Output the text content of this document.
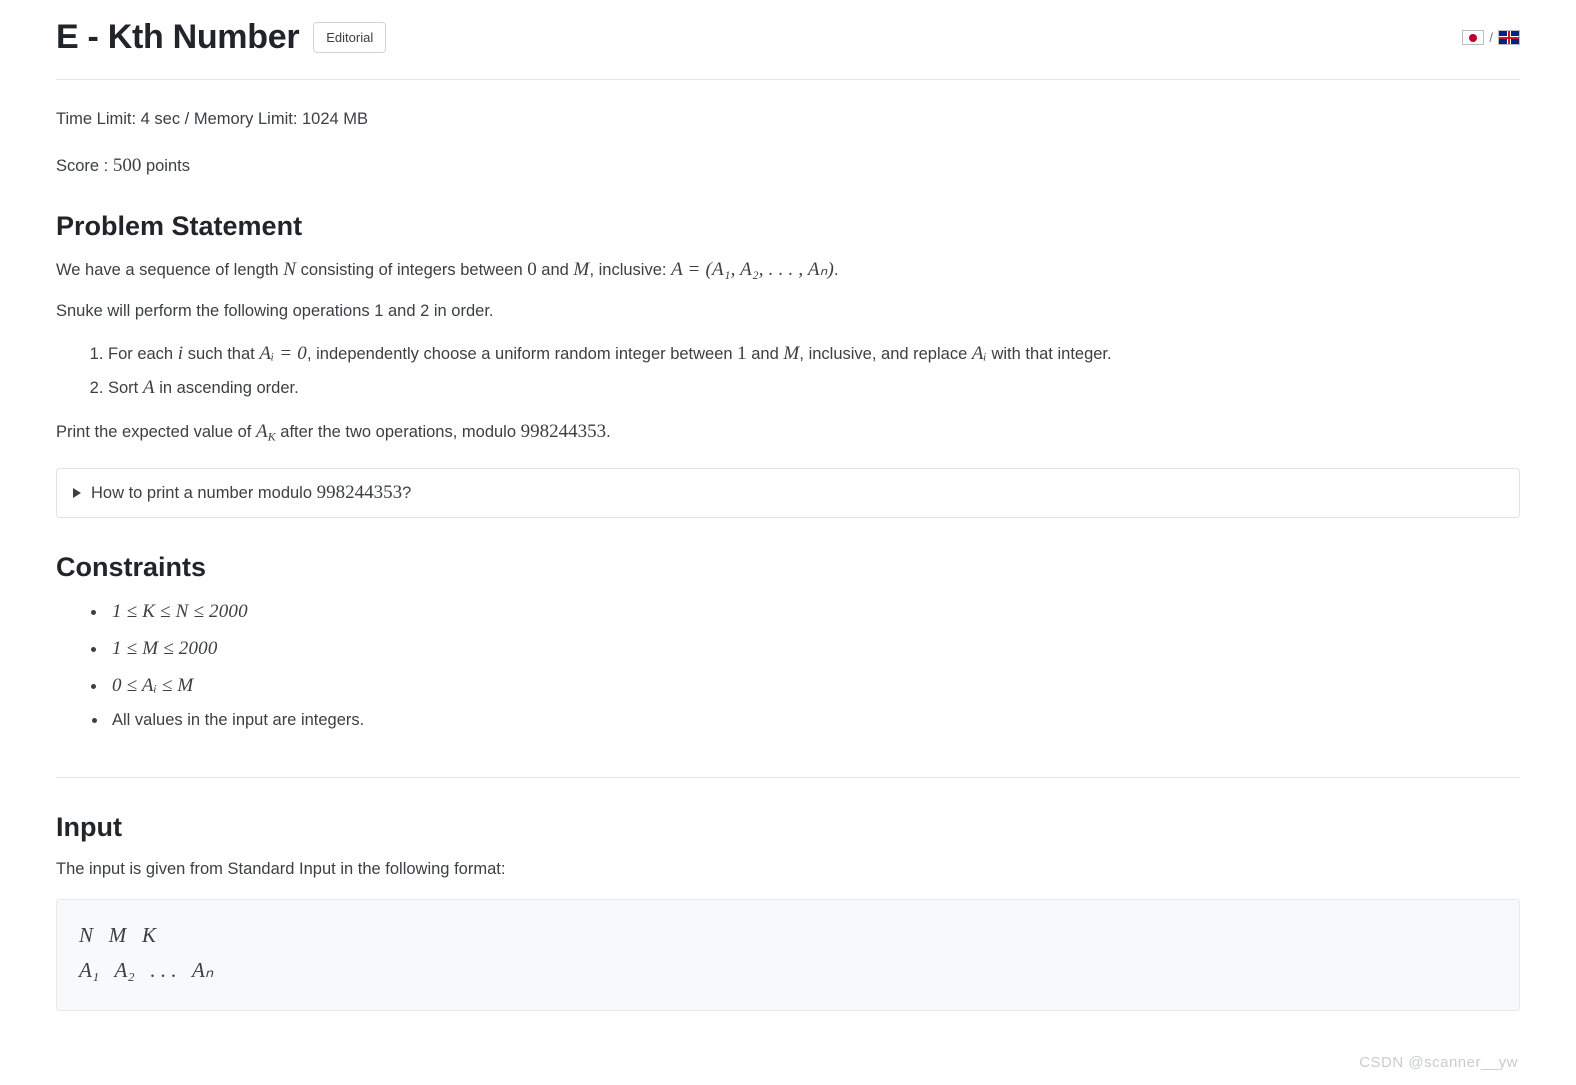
E - Kth Number	Editorial	/

Time Limit: 4 sec / Memory Limit: 1024 MB

Score : 500 points

Problem Statement

We have a sequence of length N consisting of integers between 0 and M, inclusive: A = (A₁, A₂, . . . , Aₙ).

Snuke will perform the following operations 1 and 2 in order.

1. For each i such that Aᵢ = 0, independently choose a uniform random integer between 1 and M, inclusive, and replace Aᵢ with that integer.
2. Sort A in ascending order.

Print the expected value of $A_K$ after the two operations, modulo 998244353.

How to print a number modulo 998244353?
Constraints
• 1 ≤ K ≤ N ≤ 2000
• 1 ≤ M ≤ 2000
• 0 ≤ Aᵢ ≤ M
• All values in the input are integers.
Input

The input is given from Standard Input in the following format:

N   M   K
A₁   A₂   . . .   Aₙ
CSDN @scanner__yw
